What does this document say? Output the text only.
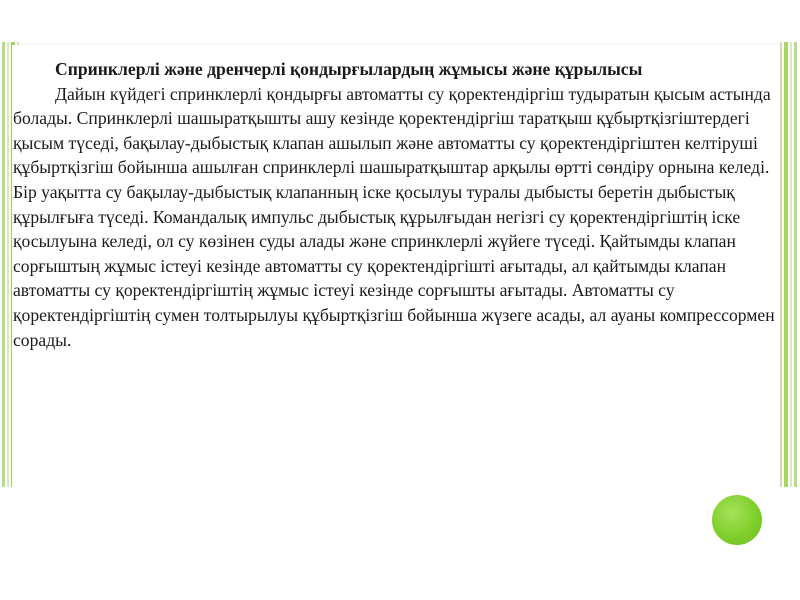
Спринклерлі және дренчерлі қондырғылардың жұмысы және құрылысы

Дайын күйдегі спринклерлі қондырғы автоматты су қоректендіргіш тудыратын қысым астында болады. Спринклерлі шашыратқышты ашу кезінде қоректендіргіш таратқыш құбыртқізгіштердегі қысым түседі, бақылау-дыбыстық клапан ашылып және автоматты су қоректендіргіштен келтіруші құбыртқізгіш бойынша ашылған спринклерлі шашыратқыштар арқылы өртті сөндіру орнына келеді. Бір уақытта су бақылау-дыбыстық клапанның іске қосылуы туралы дыбысты беретін дыбыстық құрылғыға түседі. Командалық импульс дыбыстық құрылғыдан негізгі су қоректендіргіштің іске қосылуына келеді, ол су көзінен суды алады және спринклерлі жүйеге түседі. Қайтымды клапан сорғыштың жұмыс істеуі кезінде автоматты су қоректендіргішті ағытады, ал қайтымды клапан автоматты су қоректендіргіштің жұмыс істеуі кезінде сорғышты ағытады. Автоматты су қоректендіргіштің сумен толтырылуы құбыртқізгіш бойынша жүзеге асады, ал ауаны компрессормен сорады.
